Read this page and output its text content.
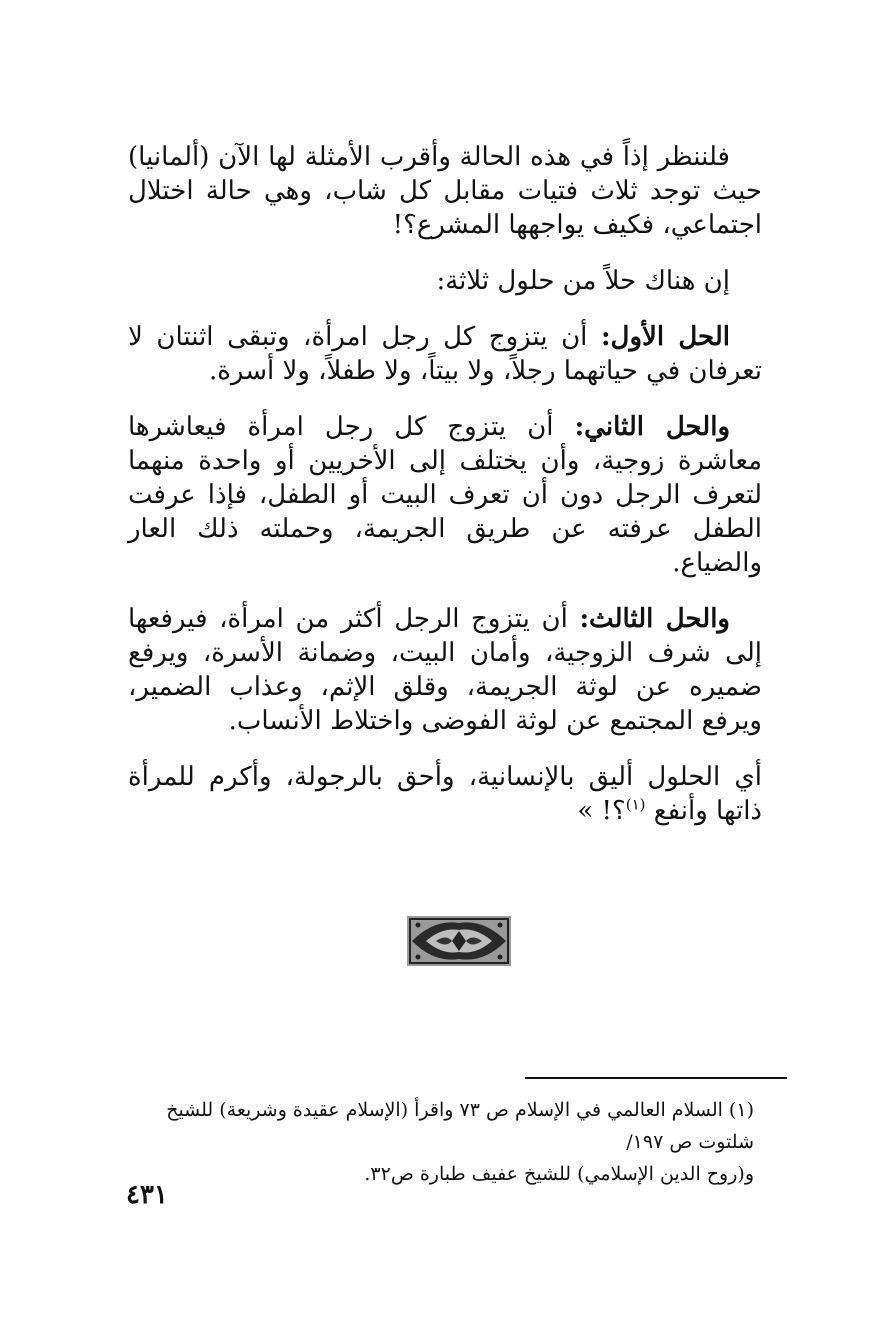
فلننظر إذاً في هذه الحالة وأقرب الأمثلة لها الآن (ألمانيا) حيث توجد ثلاث فتيات مقابل كل شاب، وهي حالة اختلال اجتماعي، فكيف يواجهها المشرع؟!
إن هناك حلاً من حلول ثلاثة:
الحل الأول: أن يتزوج كل رجل امرأة، وتبقى اثنتان لا تعرفان في حياتهما رجلاً، ولا بيتاً، ولا طفلاً، ولا أسرة.
والحل الثاني: أن يتزوج كل رجل امرأة فيعاشرها معاشرة زوجية، وأن يختلف إلى الأخريين أو واحدة منهما لتعرف الرجل دون أن تعرف البيت أو الطفل، فإذا عرفت الطفل عرفته عن طريق الجريمة، وحملته ذلك العار والضياع.
والحل الثالث: أن يتزوج الرجل أكثر من امرأة، فيرفعها إلى شرف الزوجية، وأمان البيت، وضمانة الأسرة، ويرفع ضميره عن لوثة الجريمة، وقلق الإثم، وعذاب الضمير، ويرفع المجتمع عن لوثة الفوضى واختلاط الأنساب.
أي الحلول أليق بالإنسانية، وأحق بالرجولة، وأكرم للمرأة ذاتها وأنفع $^{(١)}$؟! »

(١) السلام العالمي في الإسلام ص ٧٣ واقرأ (الإسلام عقيدة وشريعة) للشيخ شلتوت ص ١٩٧/

و(روح الدين الإسلامي) للشيخ عفيف طبارة ص٣٢.

٤٣١
